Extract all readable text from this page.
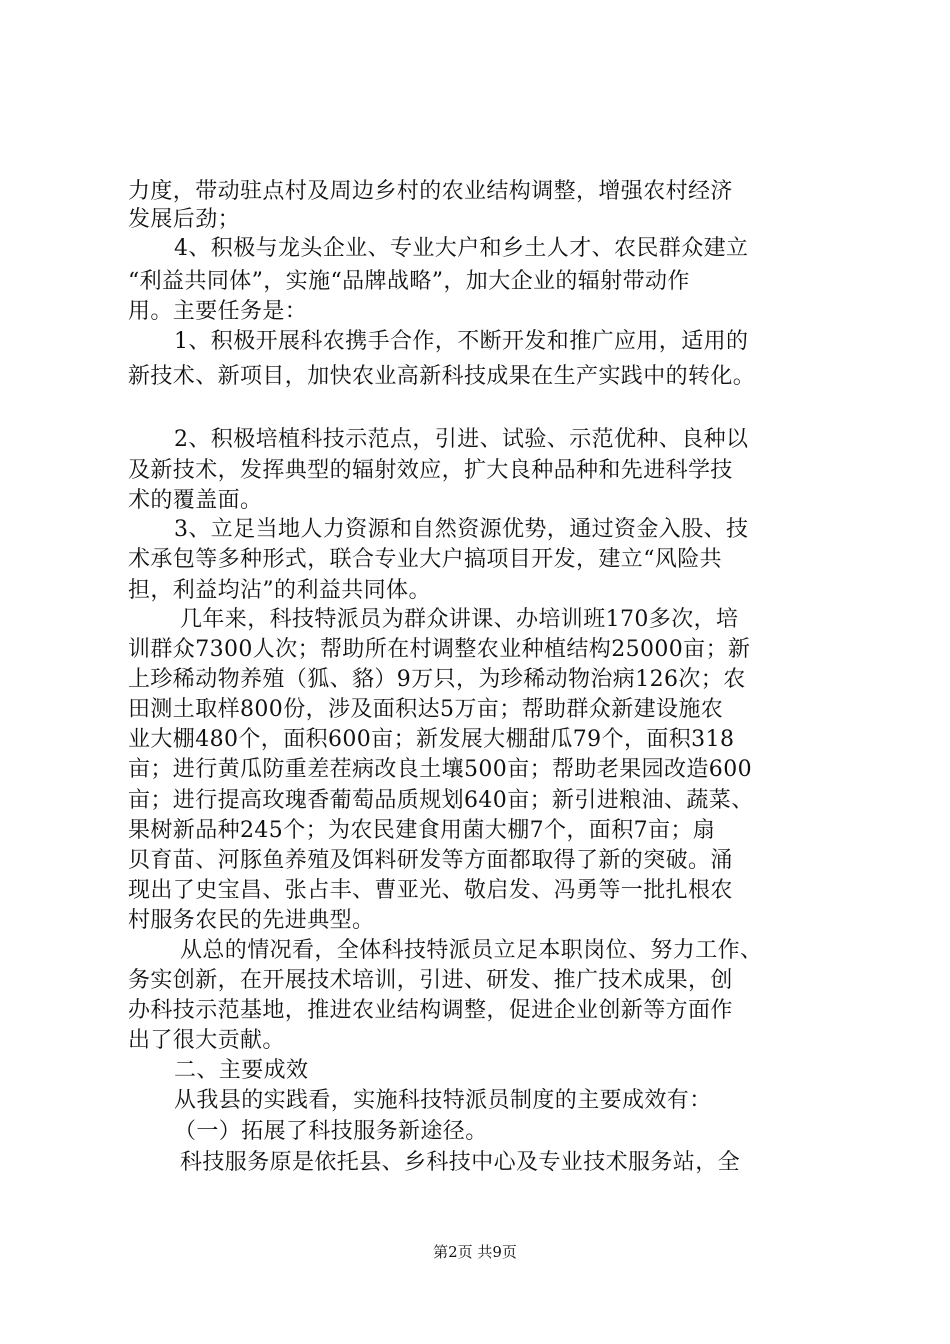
力度，带动驻点村及周边乡村的农业结构调整，增强农村经济
发展后劲；
4、积极与龙头企业、专业大户和乡土人才、农民群众建立
“利益共同体”，实施“品牌战略”，加大企业的辐射带动作
用。主要任务是：
1、积极开展科农携手合作，不断开发和推广应用，适用的
新技术、新项目，加快农业高新科技成果在生产实践中的转化。
2、积极培植科技示范点，引进、试验、示范优种、良种以
及新技术，发挥典型的辐射效应，扩大良种品种和先进科学技
术的覆盖面。
3、立足当地人力资源和自然资源优势，通过资金入股、技
术承包等多种形式，联合专业大户搞项目开发，建立“风险共
担，利益均沾”的利益共同体。
几年来，科技特派员为群众讲课、办培训班170多次，培
训群众7300人次；帮助所在村调整农业种植结构25000亩；新
上珍稀动物养殖（狐、貉）9万只，为珍稀动物治病126次；农
田测土取样800份，涉及面积达5万亩；帮助群众新建设施农
业大棚480个，面积600亩；新发展大棚甜瓜79个，面积318
亩；进行黄瓜防重差茬病改良土壤500亩；帮助老果园改造600
亩；进行提高玫瑰香葡萄品质规划640亩；新引进粮油、蔬菜、
果树新品种245个；为农民建食用菌大棚7个，面积7亩；扇
贝育苗、河豚鱼养殖及饵料研发等方面都取得了新的突破。涌
现出了史宝昌、张占丰、曹亚光、敬启发、冯勇等一批扎根农
村服务农民的先进典型。
从总的情况看，全体科技特派员立足本职岗位、努力工作、
务实创新，在开展技术培训，引进、研发、推广技术成果，创
办科技示范基地，推进农业结构调整，促进企业创新等方面作
出了很大贡献。
二、主要成效
从我县的实践看，实施科技特派员制度的主要成效有：
（一）拓展了科技服务新途径。
科技服务原是依托县、乡科技中心及专业技术服务站，全
第2页 共9页
